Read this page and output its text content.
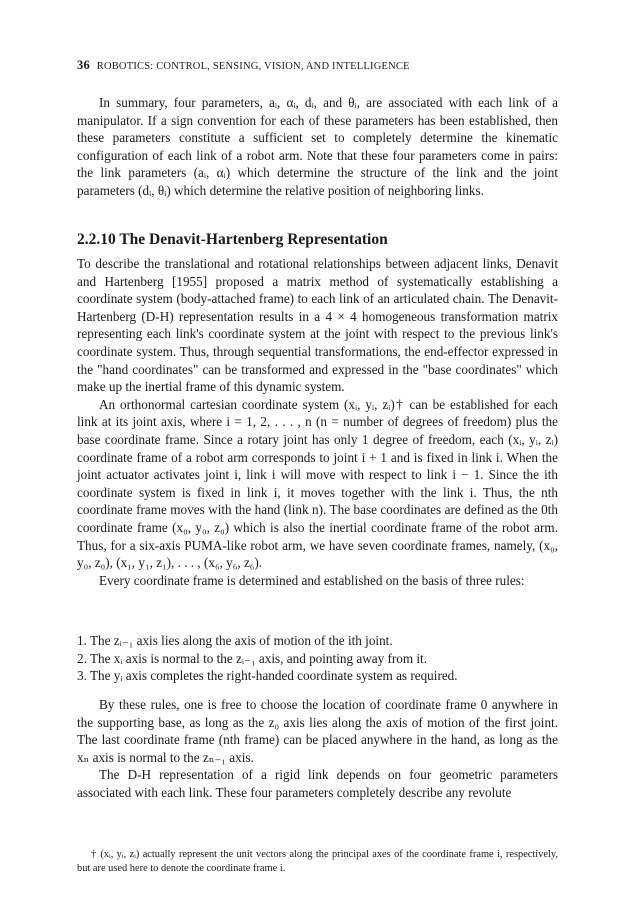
36 ROBOTICS: CONTROL, SENSING, VISION, AND INTELLIGENCE

In summary, four parameters, aᵢ, αᵢ, dᵢ, and θᵢ, are associated with each link of a manipulator. If a sign convention for each of these parameters has been established, then these parameters constitute a sufficient set to completely determine the kinematic configuration of each link of a robot arm. Note that these four parameters come in pairs: the link parameters (aᵢ, αᵢ) which determine the structure of the link and the joint parameters (dᵢ, θᵢ) which determine the relative position of neighboring links.

2.2.10 The Denavit-Hartenberg Representation

To describe the translational and rotational relationships between adjacent links, Denavit and Hartenberg [1955] proposed a matrix method of systematically establishing a coordinate system (body-attached frame) to each link of an articulated chain. The Denavit-Hartenberg (D-H) representation results in a 4 × 4 homogeneous transformation matrix representing each link's coordinate system at the joint with respect to the previous link's coordinate system. Thus, through sequential transformations, the end-effector expressed in the "hand coordinates" can be transformed and expressed in the "base coordinates" which make up the inertial frame of this dynamic system.

An orthonormal cartesian coordinate system (xᵢ, yᵢ, zᵢ)† can be established for each link at its joint axis, where i = 1, 2, . . . , n (n = number of degrees of freedom) plus the base coordinate frame. Since a rotary joint has only 1 degree of freedom, each (xᵢ, yᵢ, zᵢ) coordinate frame of a robot arm corresponds to joint i + 1 and is fixed in link i. When the joint actuator activates joint i, link i will move with respect to link i − 1. Since the ith coordinate system is fixed in link i, it moves together with the link i. Thus, the nth coordinate frame moves with the hand (link n). The base coordinates are defined as the 0th coordinate frame (x₀, y₀, z₀) which is also the inertial coordinate frame of the robot arm. Thus, for a six-axis PUMA-like robot arm, we have seven coordinate frames, namely, (x₀, y₀, z₀), (x₁, y₁, z₁), . . . , (x₆, y₆, z₆).

Every coordinate frame is determined and established on the basis of three rules:

1. The zᵢ₋₁ axis lies along the axis of motion of the ith joint.
2. The xᵢ axis is normal to the zᵢ₋₁ axis, and pointing away from it.
3. The yᵢ axis completes the right-handed coordinate system as required.

By these rules, one is free to choose the location of coordinate frame 0 anywhere in the supporting base, as long as the z₀ axis lies along the axis of motion of the first joint. The last coordinate frame (nth frame) can be placed anywhere in the hand, as long as the xₙ axis is normal to the zₙ₋₁ axis.

The D-H representation of a rigid link depends on four geometric parameters associated with each link. These four parameters completely describe any revolute

† (xᵢ, yᵢ, zᵢ) actually represent the unit vectors along the principal axes of the coordinate frame i, respectively, but are used here to denote the coordinate frame i.
